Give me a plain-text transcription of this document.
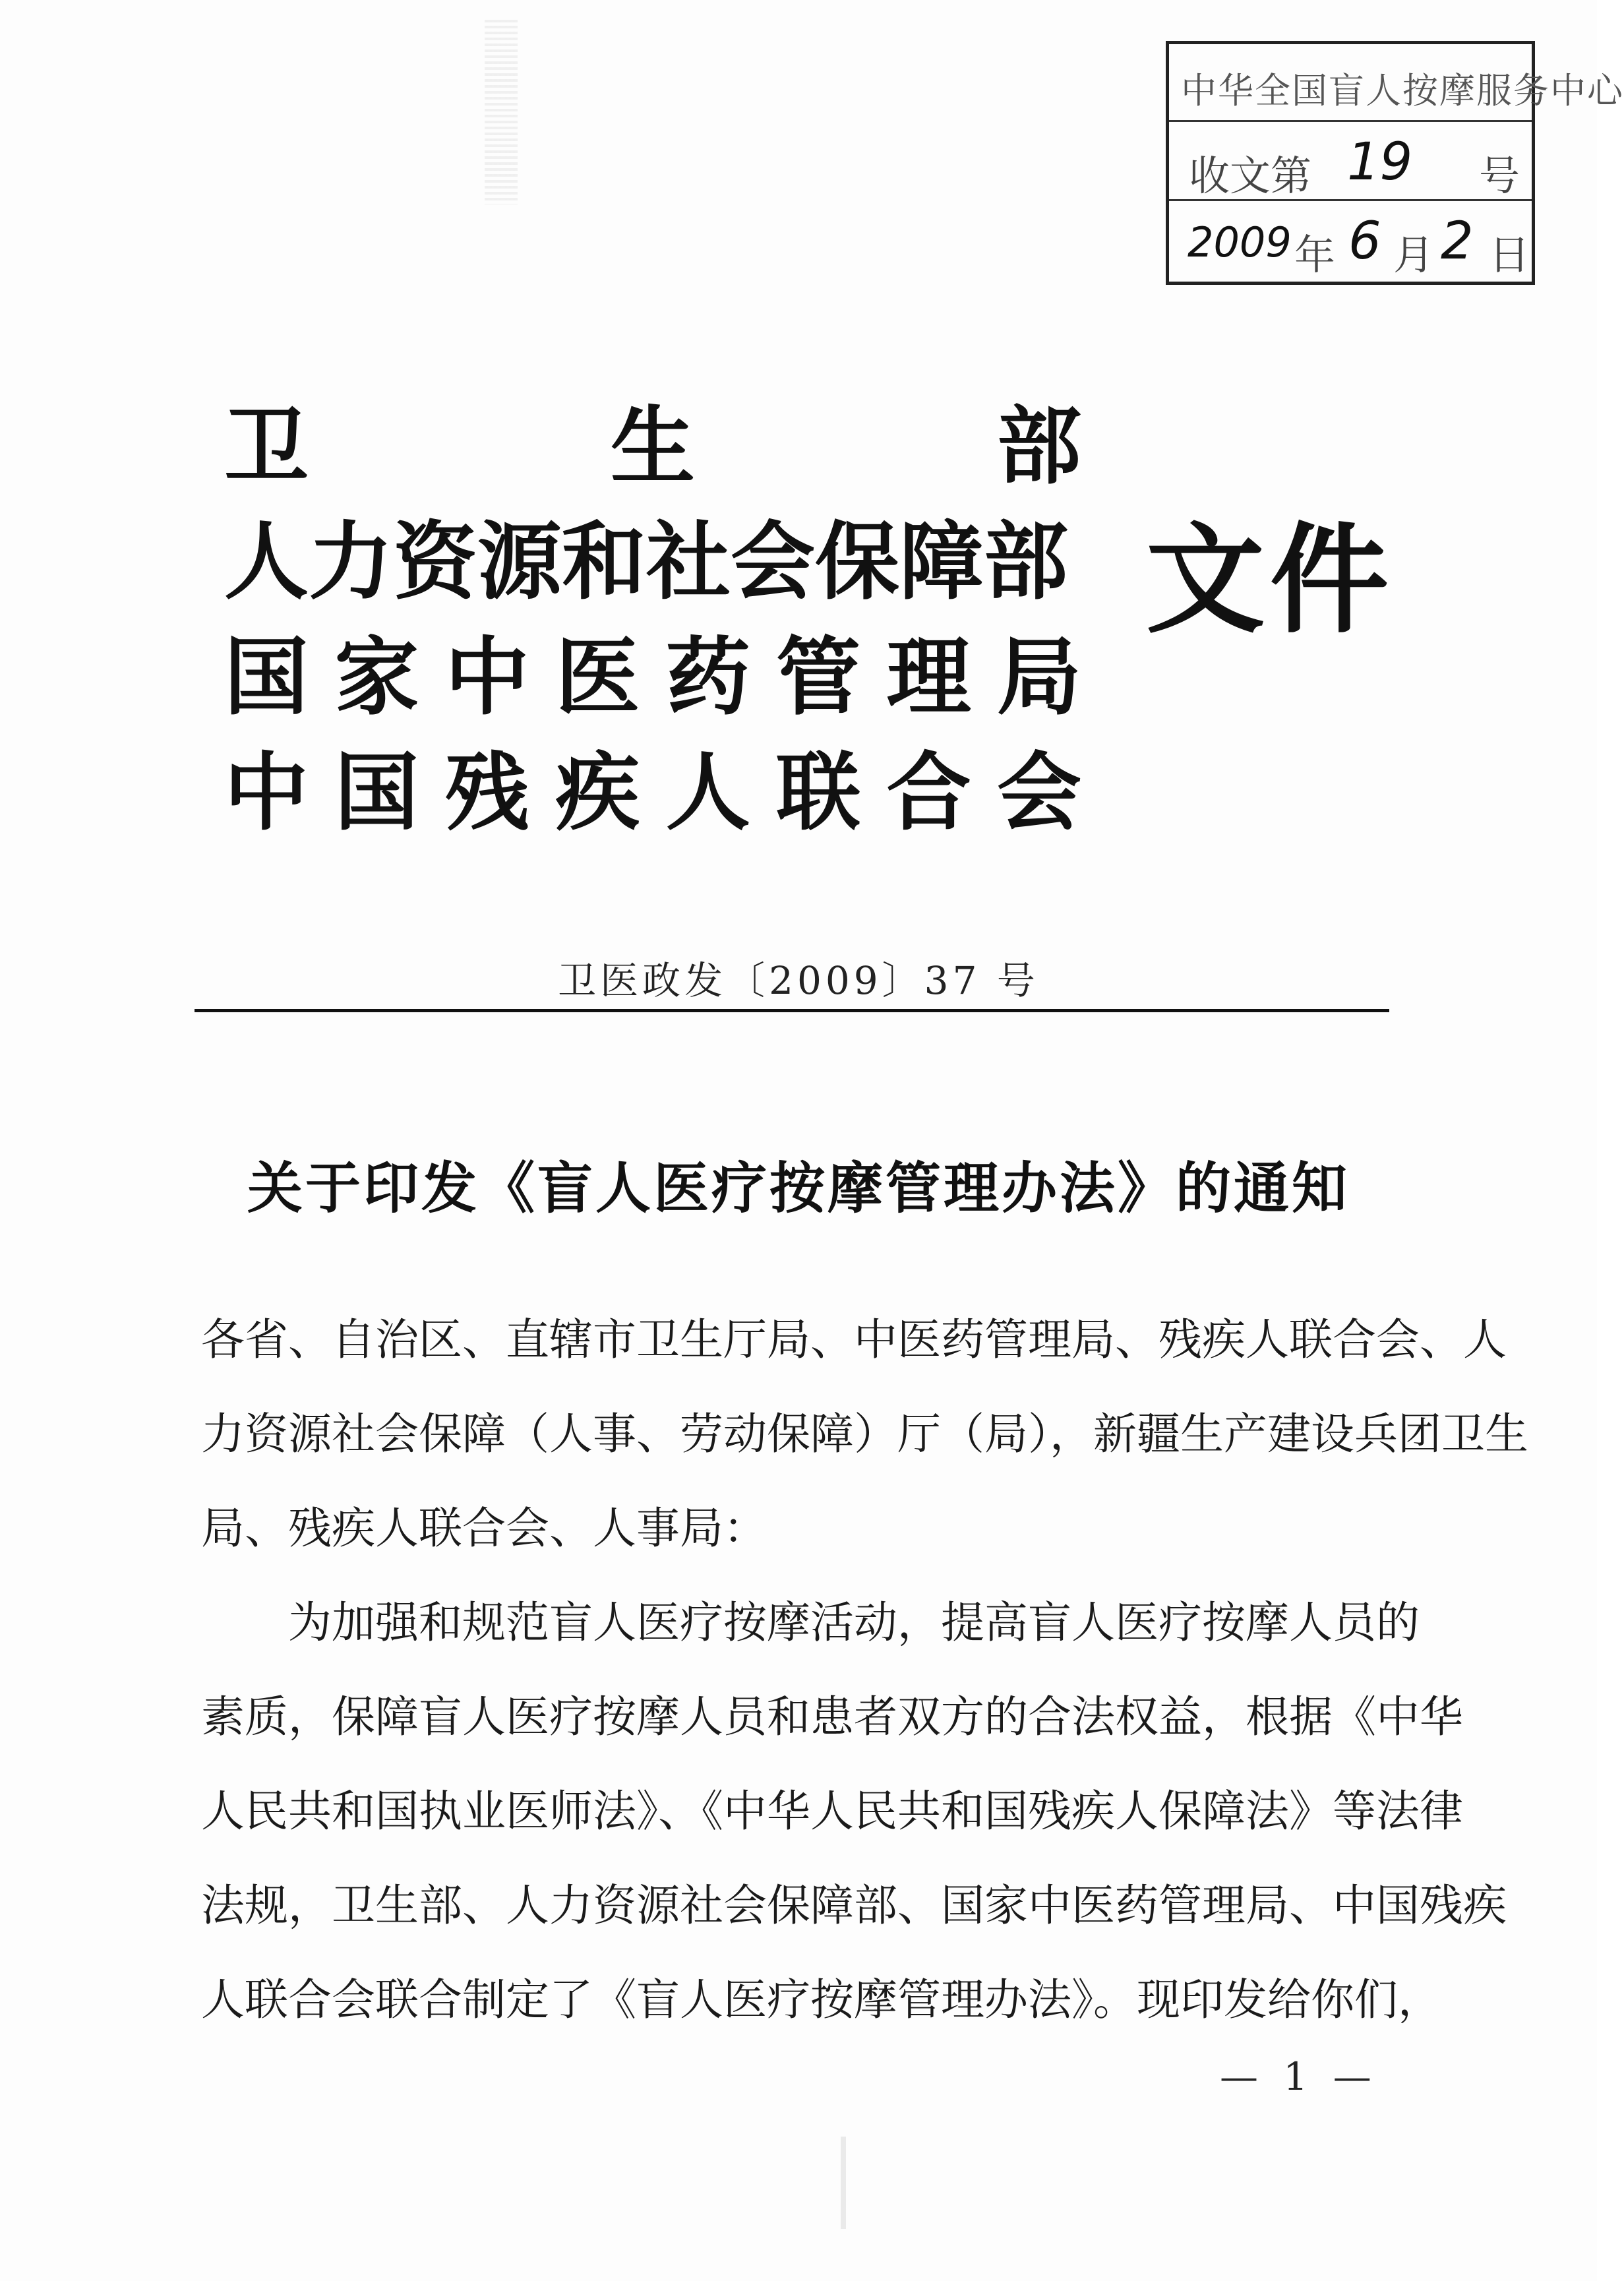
中华全国盲人按摩服务中心
收文第 19 号
2009 年 6 月 2 日
卫	生	部
人力资源和社会保障部
国 家 中 医 药 管 理 局
中 国 残 疾 人 联 合 会
文件
卫医政发〔2009〕37 号
关于印发《盲人医疗按摩管理办法》的通知
各省、自治区、直辖市卫生厅局、中医药管理局、残疾人联合会、人
力资源社会保障（人事、劳动保障）厅（局），新疆生产建设兵团卫生
局、残疾人联合会、人事局：
　　为加强和规范盲人医疗按摩活动，提高盲人医疗按摩人员的
素质，保障盲人医疗按摩人员和患者双方的合法权益，根据《中华
人民共和国执业医师法》、《中华人民共和国残疾人保障法》等法律
法规，卫生部、人力资源社会保障部、国家中医药管理局、中国残疾
人联合会联合制定了《盲人医疗按摩管理办法》。现印发给你们，
— 1 —
